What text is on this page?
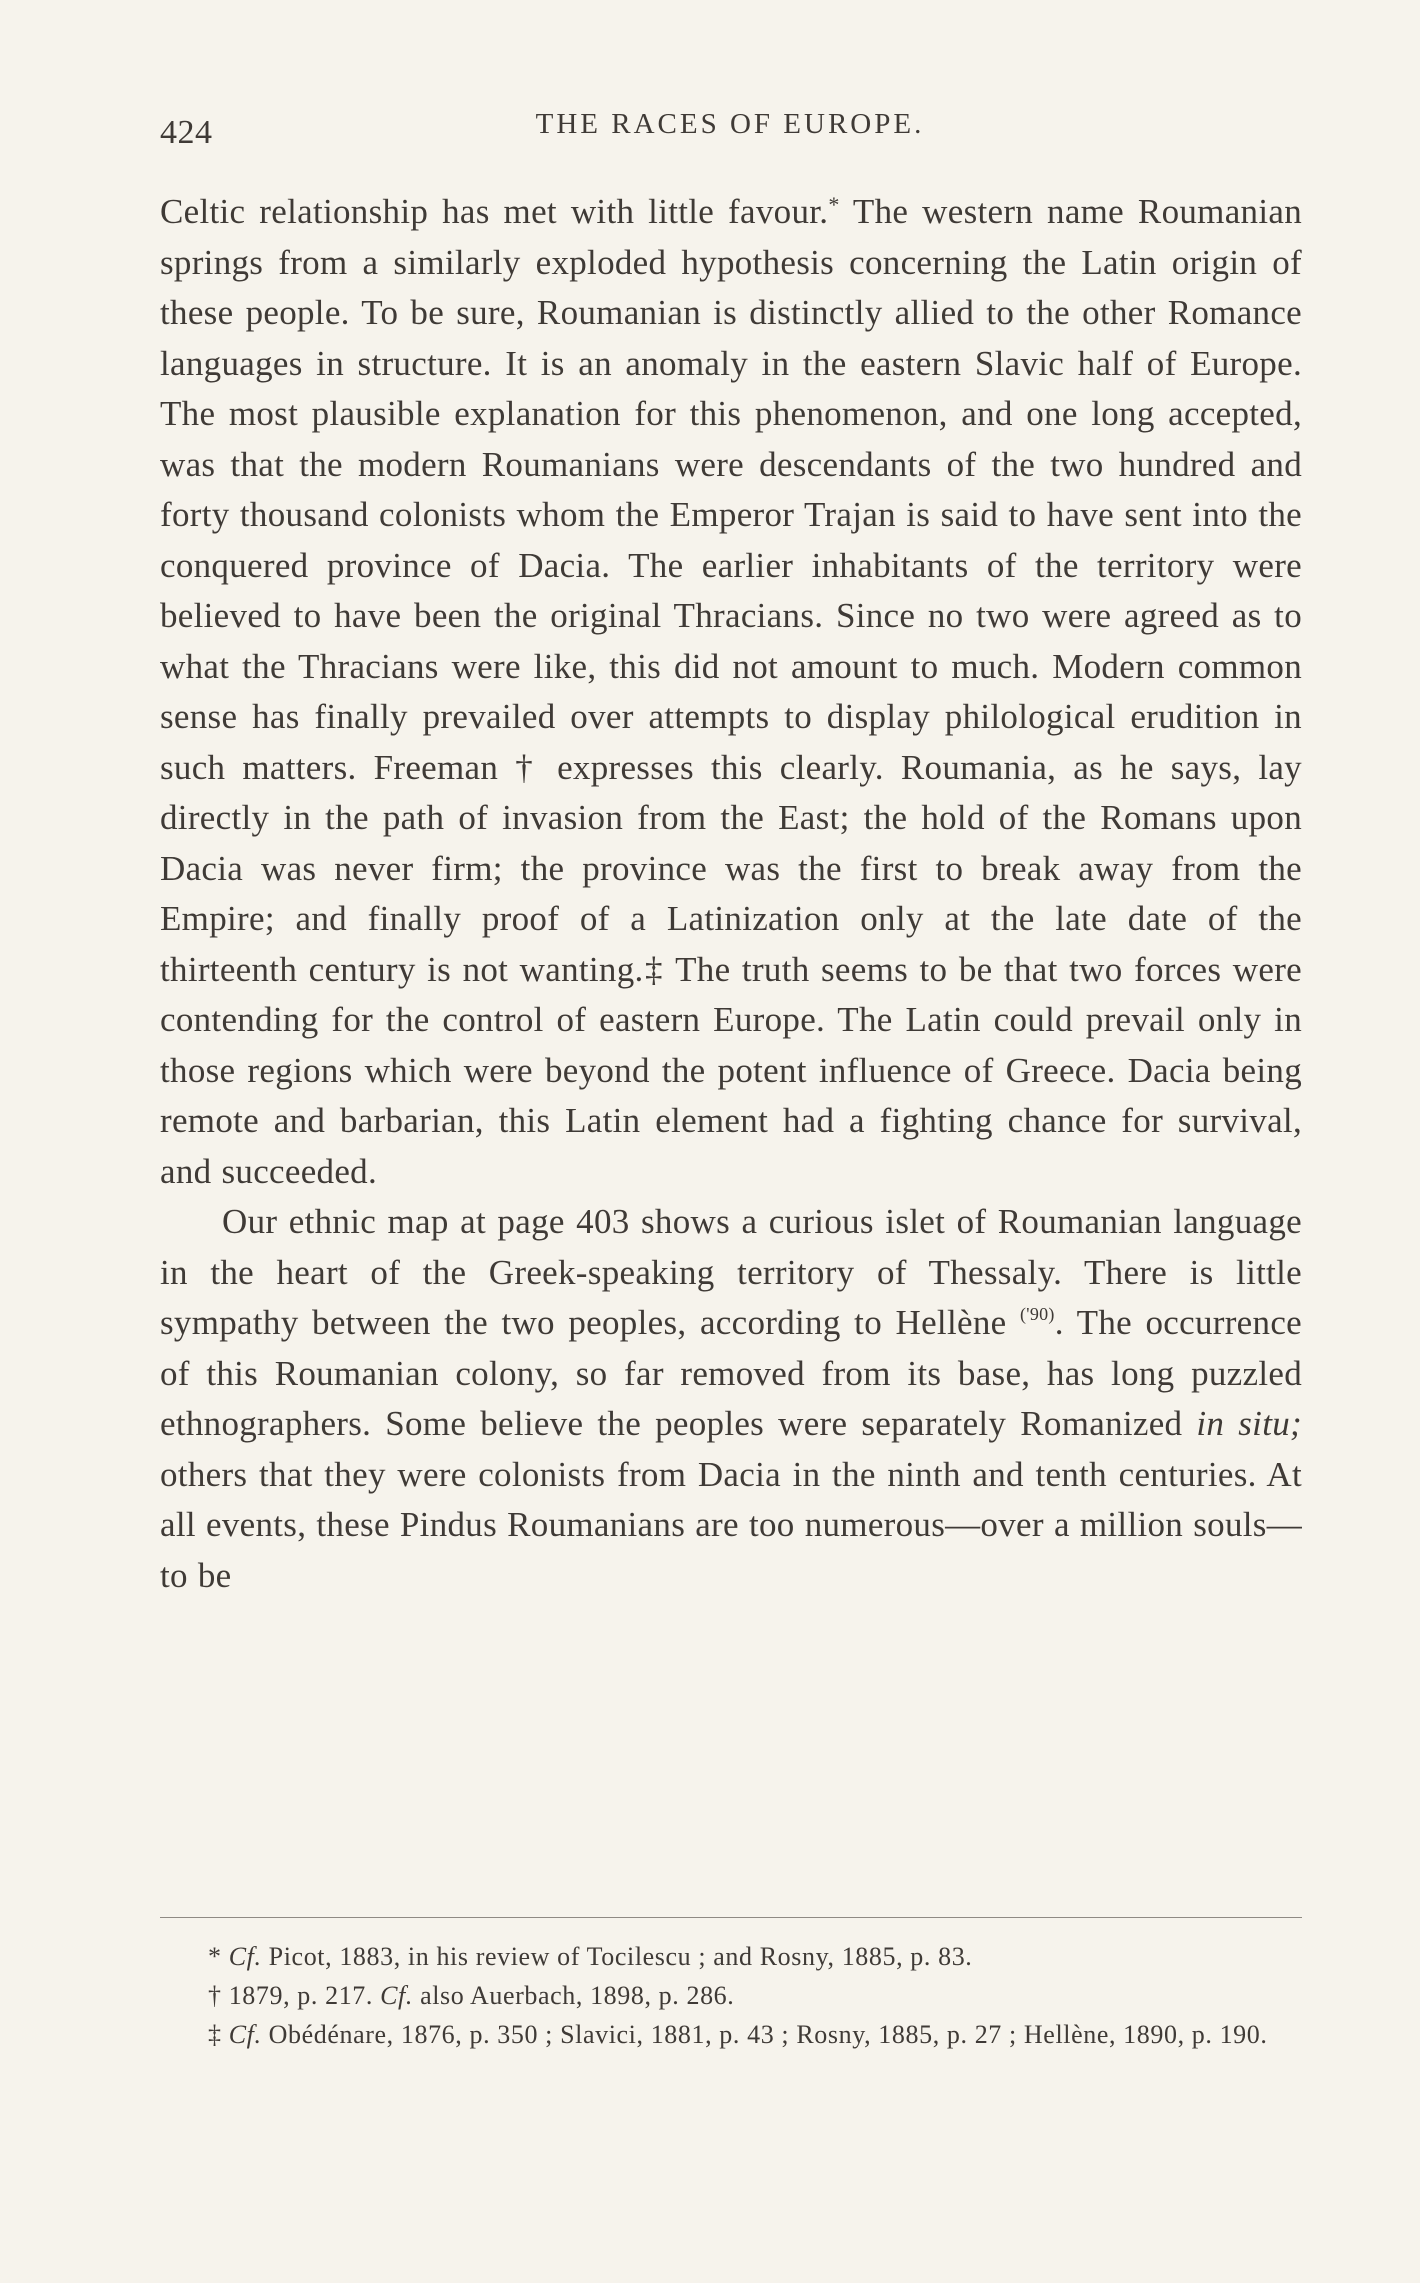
424	THE RACES OF EUROPE.

Celtic relationship has met with little favour.* The western name Roumanian springs from a similarly exploded hypothesis concerning the Latin origin of these people. To be sure, Roumanian is distinctly allied to the other Romance languages in structure. It is an anomaly in the eastern Slavic half of Europe. The most plausible explanation for this phenomenon, and one long accepted, was that the modern Roumanians were descendants of the two hundred and forty thousand colonists whom the Emperor Trajan is said to have sent into the conquered province of Dacia. The earlier inhabitants of the territory were believed to have been the original Thracians. Since no two were agreed as to what the Thracians were like, this did not amount to much. Modern common sense has finally prevailed over attempts to display philological erudition in such matters. Freeman † expresses this clearly. Roumania, as he says, lay directly in the path of invasion from the East; the hold of the Romans upon Dacia was never firm; the province was the first to break away from the Empire; and finally proof of a Latinization only at the late date of the thirteenth century is not wanting.‡ The truth seems to be that two forces were contending for the control of eastern Europe. The Latin could prevail only in those regions which were beyond the potent influence of Greece. Dacia being remote and barbarian, this Latin element had a fighting chance for survival, and succeeded.

Our ethnic map at page 403 shows a curious islet of Roumanian language in the heart of the Greek-speaking territory of Thessaly. There is little sympathy between the two peoples, according to Hellène $^{('90)}$. The occurrence of this Roumanian colony, so far removed from its base, has long puzzled ethnographers. Some believe the peoples were separately Romanized in situ; others that they were colonists from Dacia in the ninth and tenth centuries. At all events, these Pindus Roumanians are too numerous—over a million souls—to be

* Cf. Picot, 1883, in his review of Tocilescu ; and Rosny, 1885, p. 83.

† 1879, p. 217. Cf. also Auerbach, 1898, p. 286.

‡ Cf. Obédénare, 1876, p. 350 ; Slavici, 1881, p. 43 ; Rosny, 1885, p. 27 ; Hellène, 1890, p. 190.
